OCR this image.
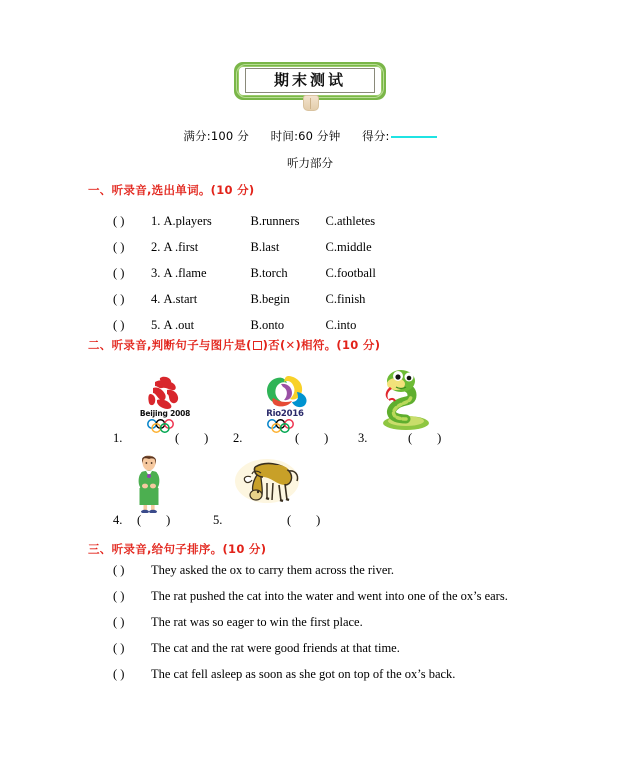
期末测试
满分:100 分 时间:60 分钟 得分:
听力部分
一、听录音,选出单词。(10 分)
( ) 1. A.players	B.runners C.athletes
( ) 2. A .first	B.last	C.middle
( ) 3. A .flame	B.torch	C.football
( ) 4. A.start	B.begin	C.finish
( ) 5. A .out	B.onto	C.into
二、听录音,判断句子与图片是( )否(✕)相符。(10 分)
Beijing 2008
1.	(        )
Rio2016
2.	(        ) 3.	(        )
4. (        )	5.	(        )
三、听录音,给句子排序。(10 分)
( ) They asked the ox to carry them across the river.
( ) The rat pushed the cat into the water and went into one of the ox’s ears.
( ) The rat was so eager to win the first place.
( ) The cat and the rat were good friends at that time.
( ) The cat fell asleep as soon as she got on top of the ox’s back.
